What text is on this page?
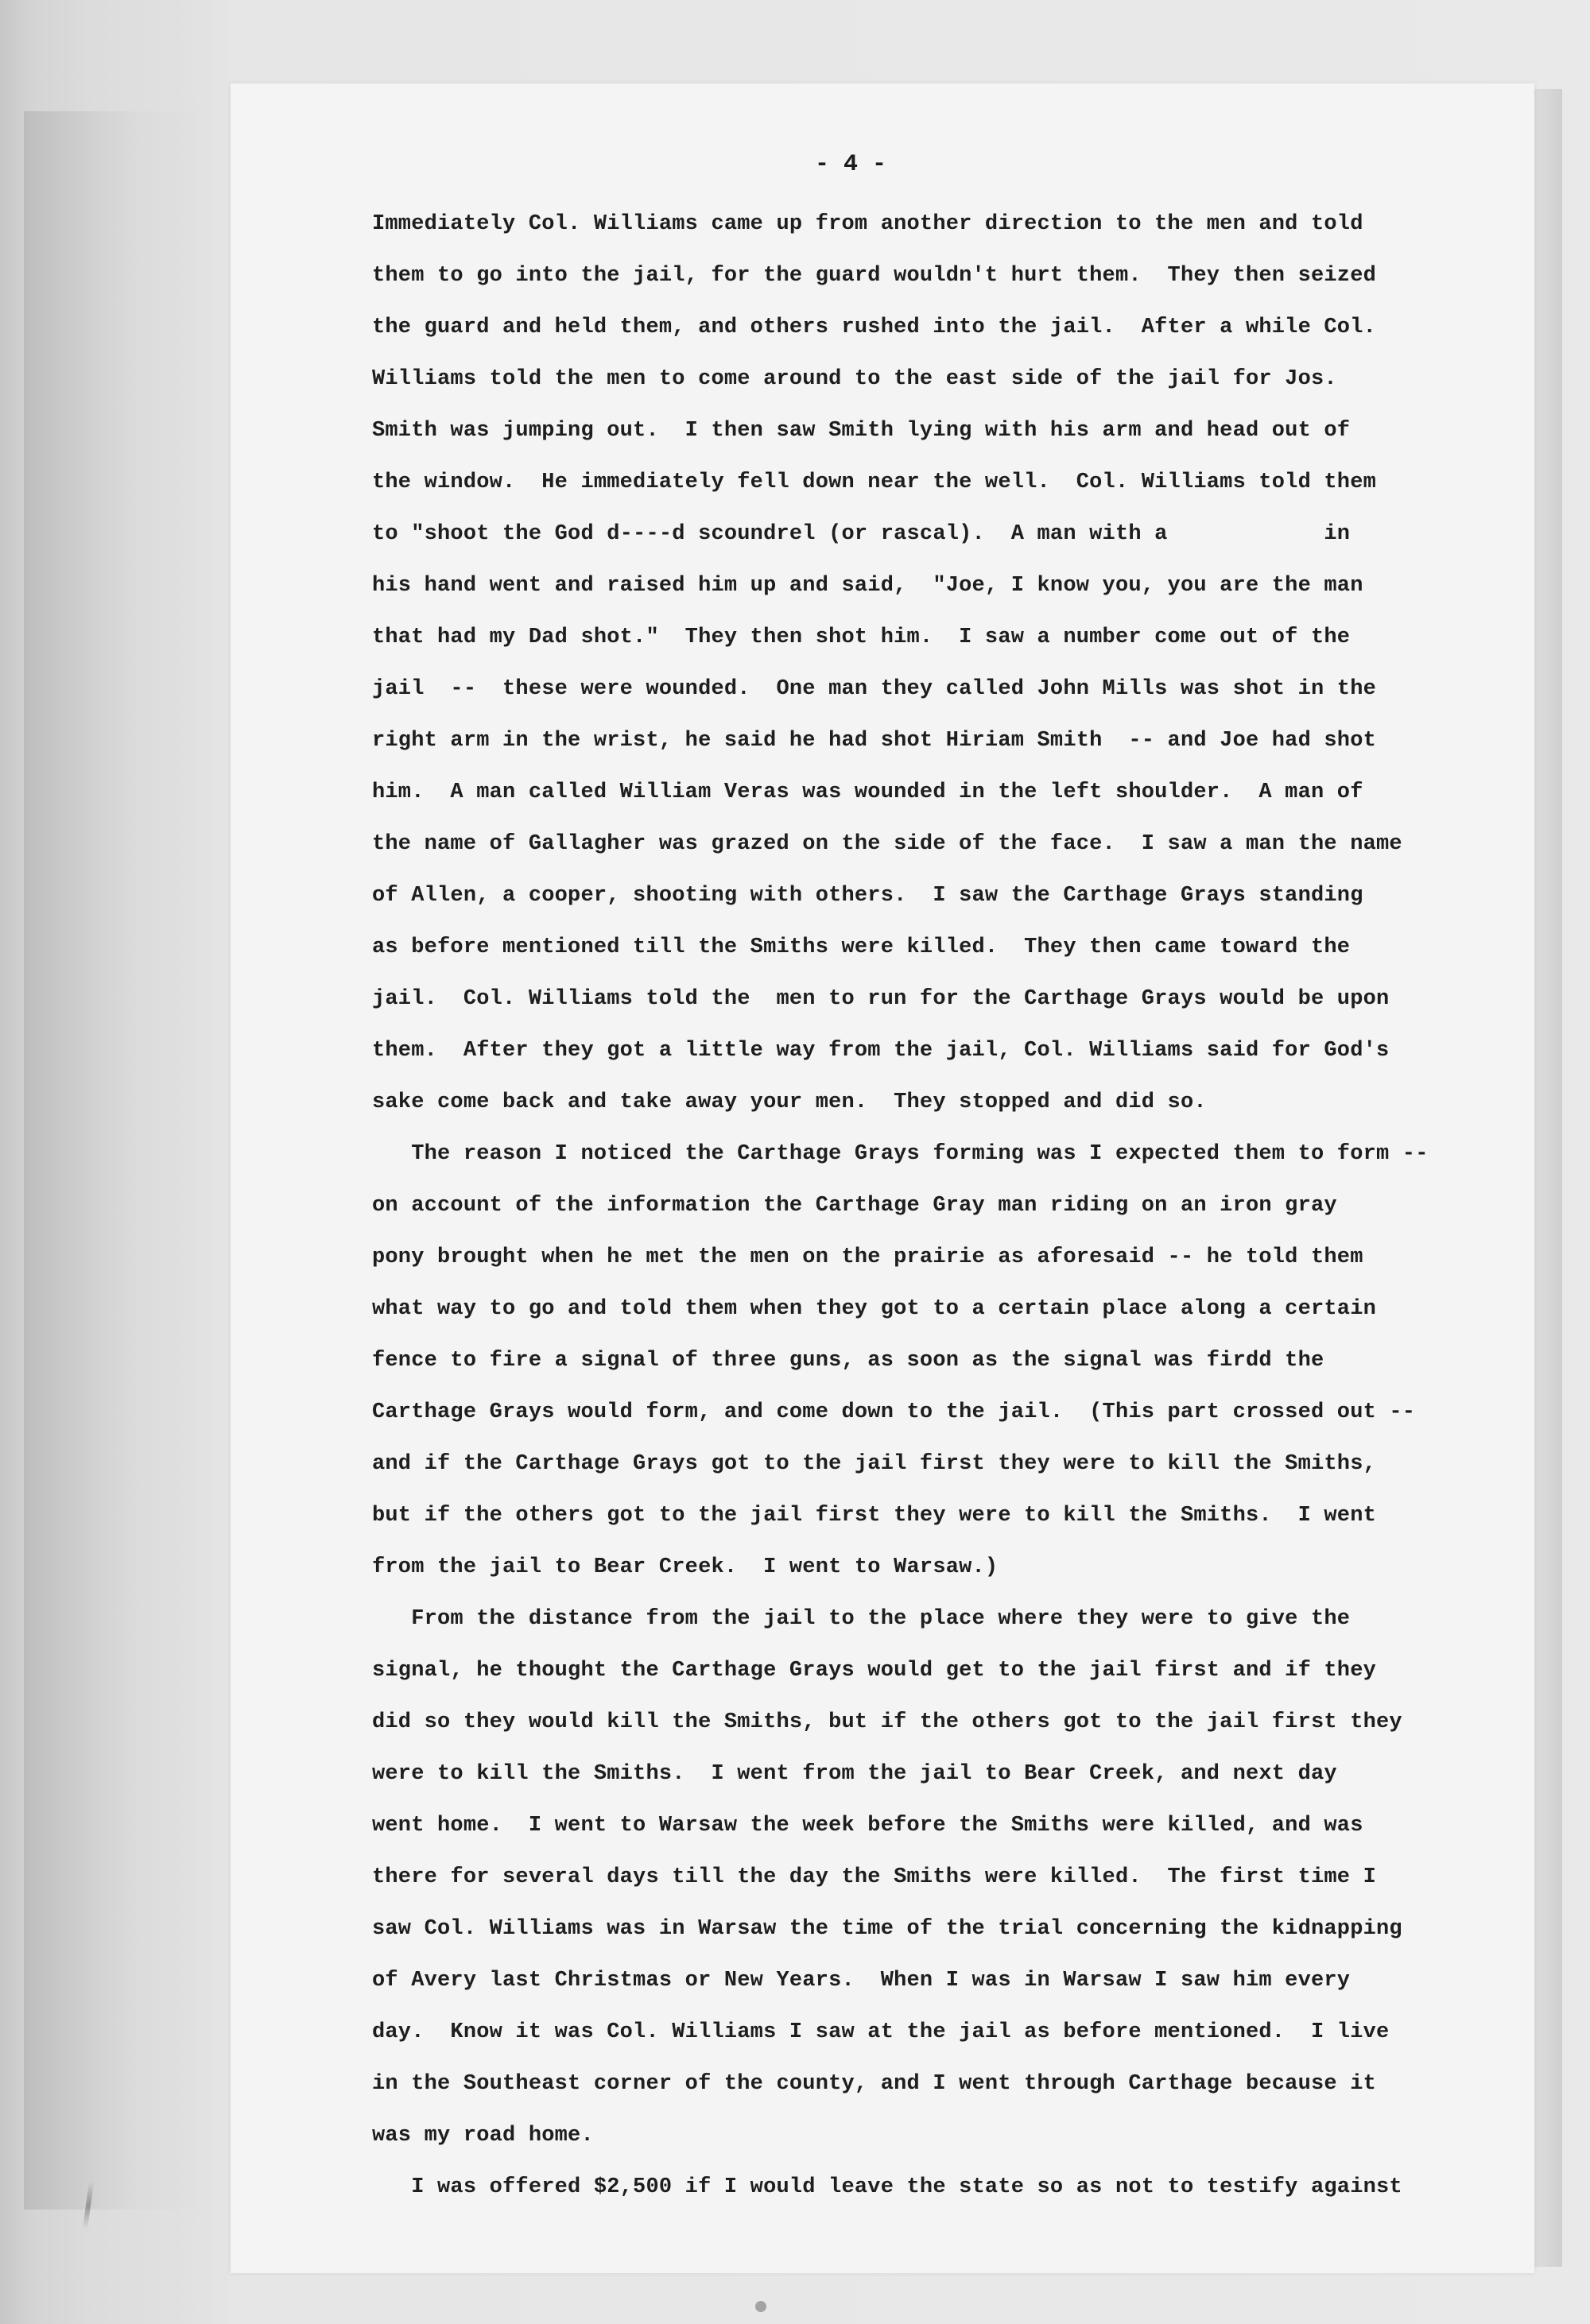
- 4 -
Immediately Col. Williams came up from another direction to the men and told
them to go into the jail, for the guard wouldn't hurt them.  They then seized
the guard and held them, and others rushed into the jail.  After a while Col.
Williams told the men to come around to the east side of the jail for Jos.
Smith was jumping out.  I then saw Smith lying with his arm and head out of
the window.  He immediately fell down near the well.  Col. Williams told them
to "shoot the God d----d scoundrel (or rascal).  A man with a            in
his hand went and raised him up and said,  "Joe, I know you, you are the man
that had my Dad shot."  They then shot him.  I saw a number come out of the
jail  --  these were wounded.  One man they called John Mills was shot in the
right arm in the wrist, he said he had shot Hiriam Smith  -- and Joe had shot
him.  A man called William Veras was wounded in the left shoulder.  A man of
the name of Gallagher was grazed on the side of the face.  I saw a man the name
of Allen, a cooper, shooting with others.  I saw the Carthage Grays standing
as before mentioned till the Smiths were killed.  They then came toward the
jail.  Col. Williams told the  men to run for the Carthage Grays would be upon
them.  After they got a little way from the jail, Col. Williams said for God's
sake come back and take away your men.  They stopped and did so.
The reason I noticed the Carthage Grays forming was I expected them to form --
on account of the information the Carthage Gray man riding on an iron gray
pony brought when he met the men on the prairie as aforesaid -- he told them
what way to go and told them when they got to a certain place along a certain
fence to fire a signal of three guns, as soon as the signal was firdd the
Carthage Grays would form, and come down to the jail.  (This part crossed out --
and if the Carthage Grays got to the jail first they were to kill the Smiths,
but if the others got to the jail first they were to kill the Smiths.  I went
from the jail to Bear Creek.  I went to Warsaw.)
From the distance from the jail to the place where they were to give the
signal, he thought the Carthage Grays would get to the jail first and if they
did so they would kill the Smiths, but if the others got to the jail first they
were to kill the Smiths.  I went from the jail to Bear Creek, and next day
went home.  I went to Warsaw the week before the Smiths were killed, and was
there for several days till the day the Smiths were killed.  The first time I
saw Col. Williams was in Warsaw the time of the trial concerning the kidnapping
of Avery last Christmas or New Years.  When I was in Warsaw I saw him every
day.  Know it was Col. Williams I saw at the jail as before mentioned.  I live
in the Southeast corner of the county, and I went through Carthage because it
was my road home.
I was offered $2,500 if I would leave the state so as not to testify against
